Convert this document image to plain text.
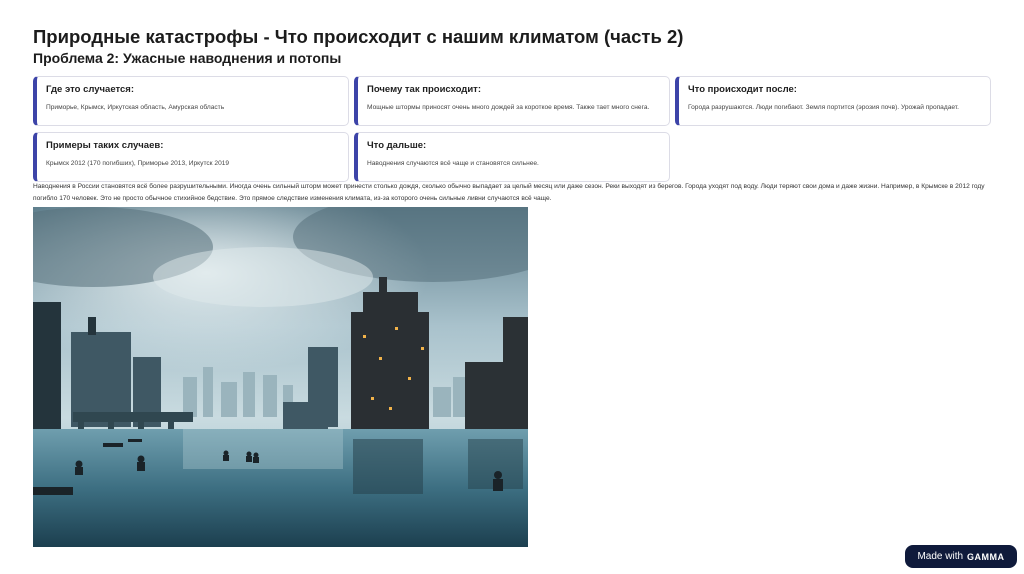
Природные катастрофы - Что происходит с нашим климатом (часть 2)
Проблема 2: Ужасные наводнения и потопы

Где это случается:

Приморье, Крымск, Иркутская область, Амурская область

Почему так происходит:

Мощные штормы приносят очень много дождей за короткое время. Также тает много снега.

Что происходит после:

Города разрушаются. Люди погибают. Земля портится (эрозия почв). Урожай пропадает.

Примеры таких случаев:

Крымск 2012 (170 погибших), Приморье 2013, Иркутск 2019

Что дальше:

Наводнения случаются всё чаще и становятся сильнее.

Наводнения в России становятся всё более разрушительными. Иногда очень сильный шторм может принести столько дождя, сколько обычно выпадает за целый месяц или даже сезон. Реки выходят из берегов. Города уходят под воду. Люди теряют свои дома и даже жизни. Например, в Крымске в 2012 году погибло 170 человек. Это не просто обычное стихийное бедствие. Это прямое следствие изменения климата, из-за которого очень сильные ливни случаются всё чаще.

Made with GAMMA
